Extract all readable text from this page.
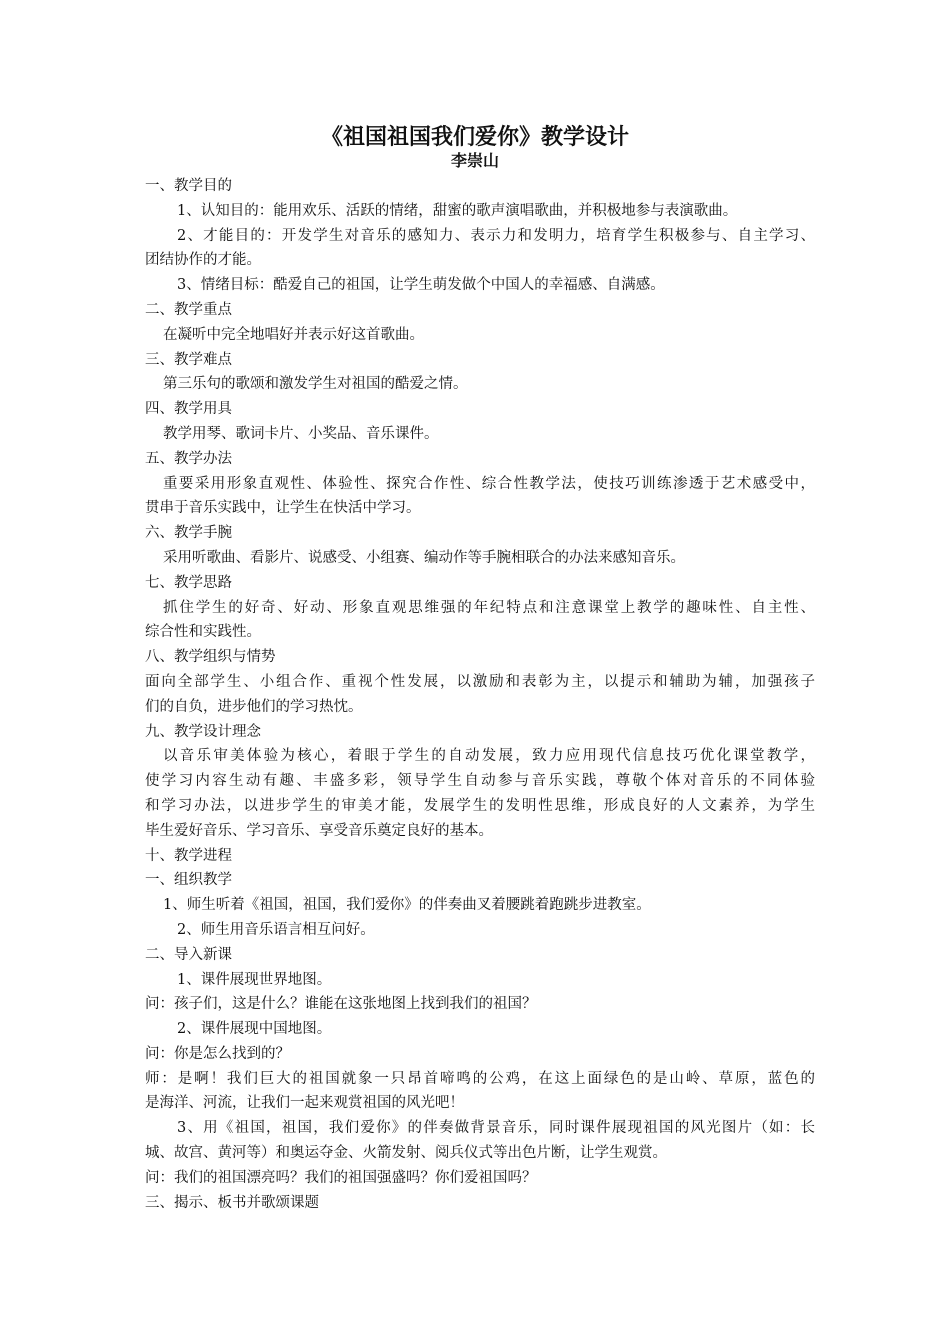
《祖国祖国我们爱你》教学设计
李崇山
一、教学目的
1、认知目的：能用欢乐、活跃的情绪，甜蜜的歌声演唱歌曲，并积极地参与表演歌曲。
2、才能目的：开发学生对音乐的感知力、表示力和发明力，培育学生积极参与、自主学习、
团结协作的才能。
3、情绪目标：酷爱自己的祖国，让学生萌发做个中国人的幸福感、自满感。
二、教学重点
在凝听中完全地唱好并表示好这首歌曲。
三、教学难点
第三乐句的歌颂和激发学生对祖国的酷爱之情。
四、教学用具
教学用琴、歌词卡片、小奖品、音乐课件。
五、教学办法
重要采用形象直观性、体验性、探究合作性、综合性教学法，使技巧训练渗透于艺术感受中，
贯串于音乐实践中，让学生在快活中学习。
六、教学手腕
采用听歌曲、看影片、说感受、小组赛、编动作等手腕相联合的办法来感知音乐。
七、教学思路
抓住学生的好奇、好动、形象直观思维强的年纪特点和注意课堂上教学的趣味性、自主性、
综合性和实践性。
八、教学组织与情势
面向全部学生、小组合作、重视个性发展，以激励和表彰为主，以提示和辅助为辅，加强孩子
们的自负，进步他们的学习热忱。
九、教学设计理念
以音乐审美体验为核心，着眼于学生的自动发展，致力应用现代信息技巧优化课堂教学，
使学习内容生动有趣、丰盛多彩，领导学生自动参与音乐实践，尊敬个体对音乐的不同体验
和学习办法，以进步学生的审美才能，发展学生的发明性思维，形成良好的人文素养，为学生
毕生爱好音乐、学习音乐、享受音乐奠定良好的基本。
十、教学进程
一、组织教学
1、师生听着《祖国，祖国，我们爱你》的伴奏曲叉着腰跳着跑跳步进教室。
2、师生用音乐语言相互问好。
二、导入新课
1、课件展现世界地图。
问：孩子们，这是什么？谁能在这张地图上找到我们的祖国？
2、课件展现中国地图。
问：你是怎么找到的？
师：是啊！我们巨大的祖国就象一只昂首啼鸣的公鸡，在这上面绿色的是山岭、草原，蓝色的
是海洋、河流，让我们一起来观赏祖国的风光吧！
3、用《祖国，祖国，我们爱你》的伴奏做背景音乐，同时课件展现祖国的风光图片（如：长
城、故宫、黄河等）和奥运夺金、火箭发射、阅兵仪式等出色片断，让学生观赏。
问：我们的祖国漂亮吗？我们的祖国强盛吗？你们爱祖国吗？
三、揭示、板书并歌颂课题
